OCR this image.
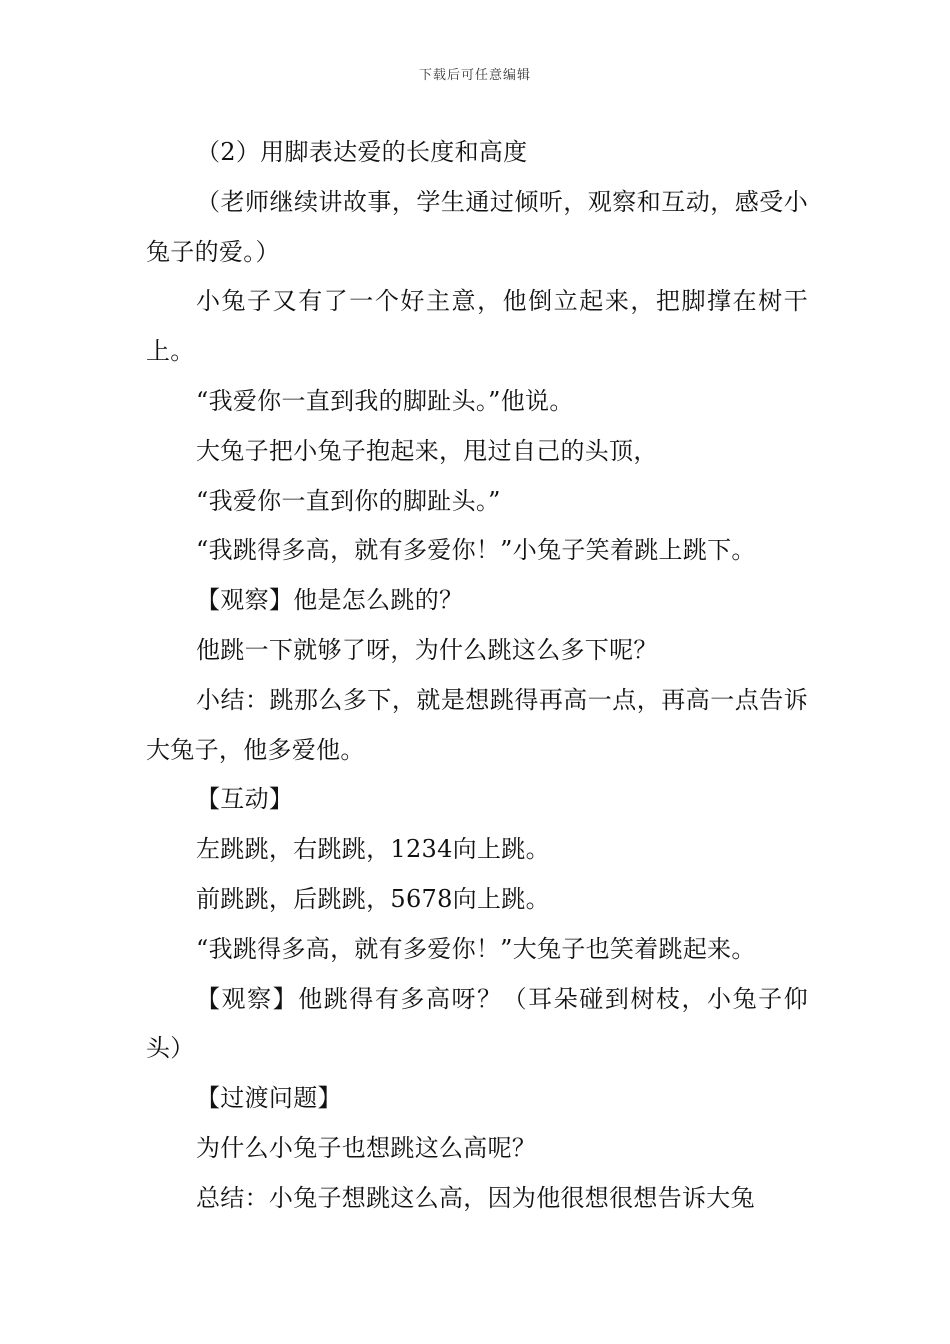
下载后可任意编辑

（2）用脚表达爱的长度和高度

（老师继续讲故事，学生通过倾听，观察和互动，感受小兔子的爱。）

小兔子又有了一个好主意，他倒立起来，把脚撑在树干上。

“我爱你一直到我的脚趾头。”他说。

大兔子把小兔子抱起来，甩过自己的头顶，

“我爱你一直到你的脚趾头。”

“我跳得多高，就有多爱你！”小兔子笑着跳上跳下。

【观察】他是怎么跳的？

他跳一下就够了呀，为什么跳这么多下呢？

小结：跳那么多下，就是想跳得再高一点，再高一点告诉大兔子，他多爱他。

【互动】

左跳跳，右跳跳，1234向上跳。

前跳跳，后跳跳，5678向上跳。

“我跳得多高，就有多爱你！”大兔子也笑着跳起来。

【观察】他跳得有多高呀？（耳朵碰到树枝，小兔子仰头）

【过渡问题】

为什么小兔子也想跳这么高呢？

总结：小兔子想跳这么高，因为他很想很想告诉大兔
